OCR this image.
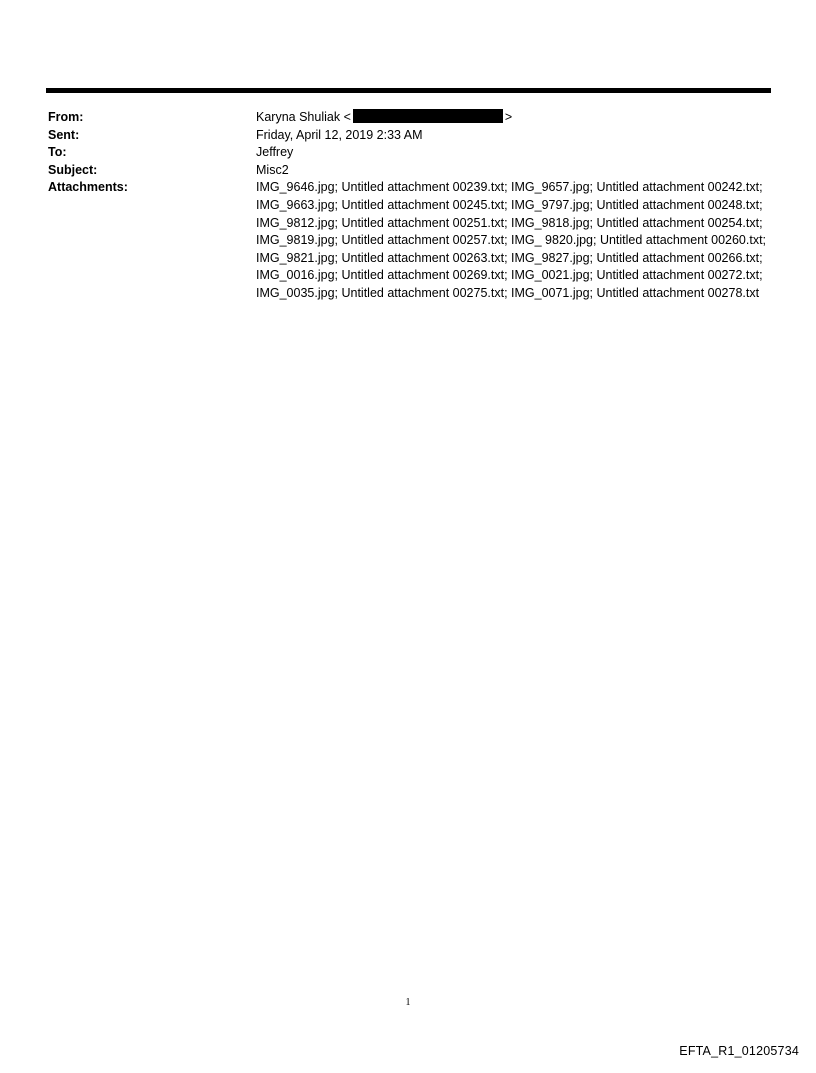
From:	Karyna Shuliak <	>
Sent:	Friday, April 12, 2019 2:33 AM
To:	Jeffrey
Subject:	Misc2
Attachments:	IMG_9646.jpg; Untitled attachment 00239.txt; IMG_9657.jpg; Untitled attachment 00242.txt; IMG_9663.jpg; Untitled attachment 00245.txt; IMG_9797.jpg; Untitled attachment 00248.txt; IMG_9812.jpg; Untitled attachment 00251.txt; IMG_9818.jpg; Untitled attachment 00254.txt; IMG_9819.jpg; Untitled attachment 00257.txt; IMG_ 9820.jpg; Untitled attachment 00260.txt; IMG_9821.jpg; Untitled attachment 00263.txt; IMG_9827.jpg; Untitled attachment 00266.txt; IMG_0016.jpg; Untitled attachment 00269.txt; IMG_0021.jpg; Untitled attachment 00272.txt; IMG_0035.jpg; Untitled attachment 00275.txt; IMG_0071.jpg; Untitled attachment 00278.txt
1
EFTA_R1_01205734
